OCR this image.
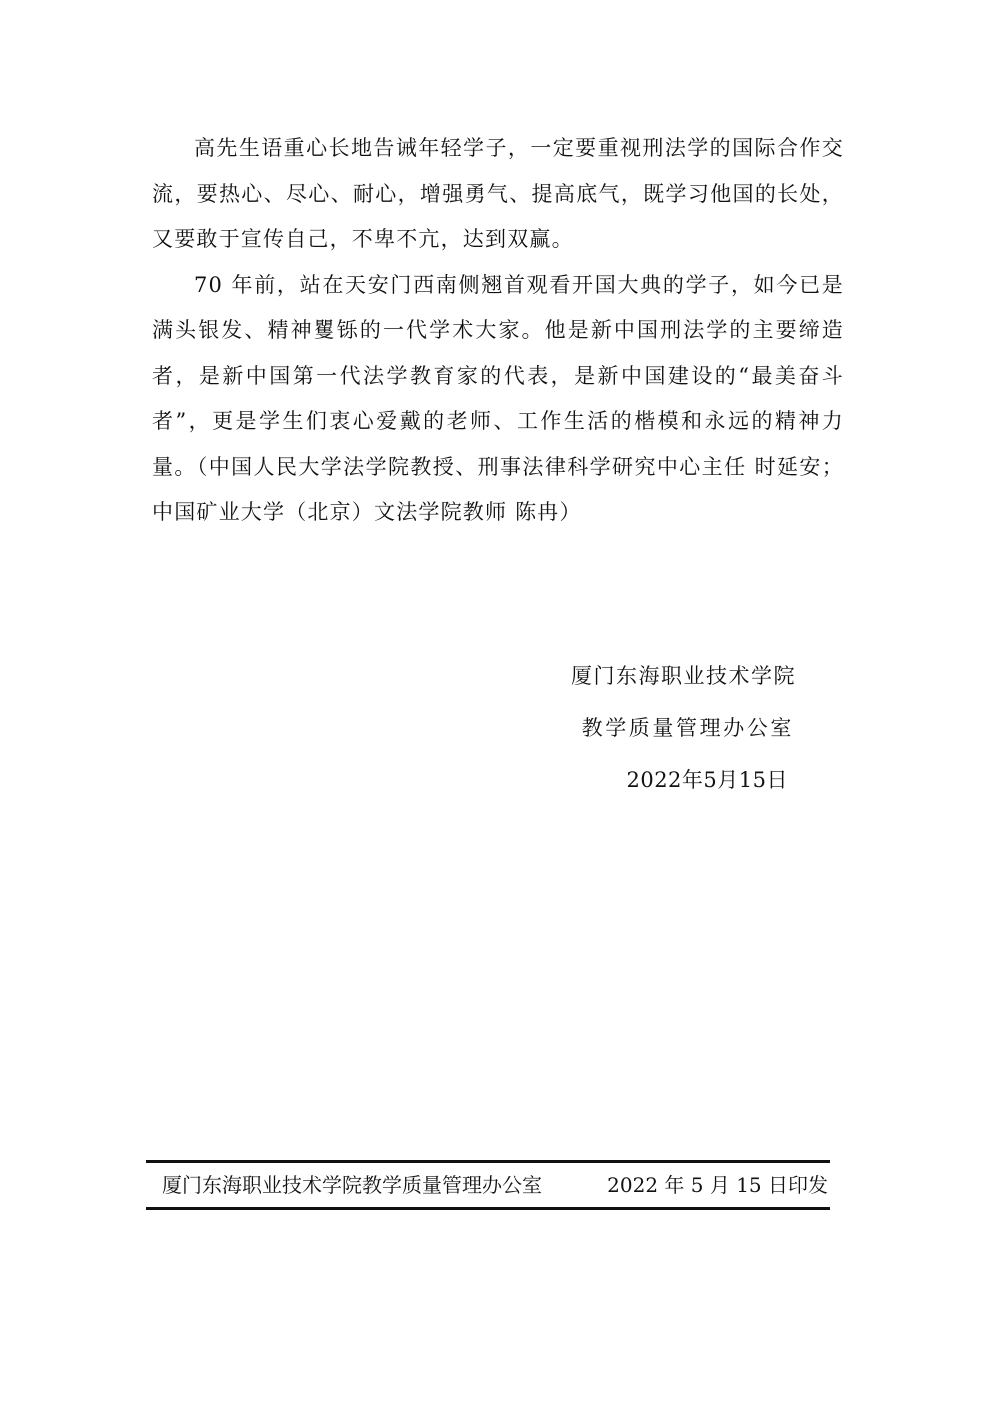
高先生语重心长地告诫年轻学子，一定要重视刑法学的国际合作交流，要热心、尽心、耐心，增强勇气、提高底气，既学习他国的长处，又要敢于宣传自己，不卑不亢，达到双赢。

70 年前，站在天安门西南侧翘首观看开国大典的学子，如今已是满头银发、精神矍铄的一代学术大家。他是新中国刑法学的主要缔造者，是新中国第一代法学教育家的代表，是新中国建设的“最美奋斗者”，更是学生们衷心爱戴的老师、工作生活的楷模和永远的精神力量。（中国人民大学法学院教授、刑事法律科学研究中心主任 时延安；中国矿业大学（北京）文法学院教师 陈冉）

厦门东海职业技术学院
教学质量管理办公室
2022年5月15日
厦门东海职业技术学院教学质量管理办公室	2022 年 5 月 15 日印发
